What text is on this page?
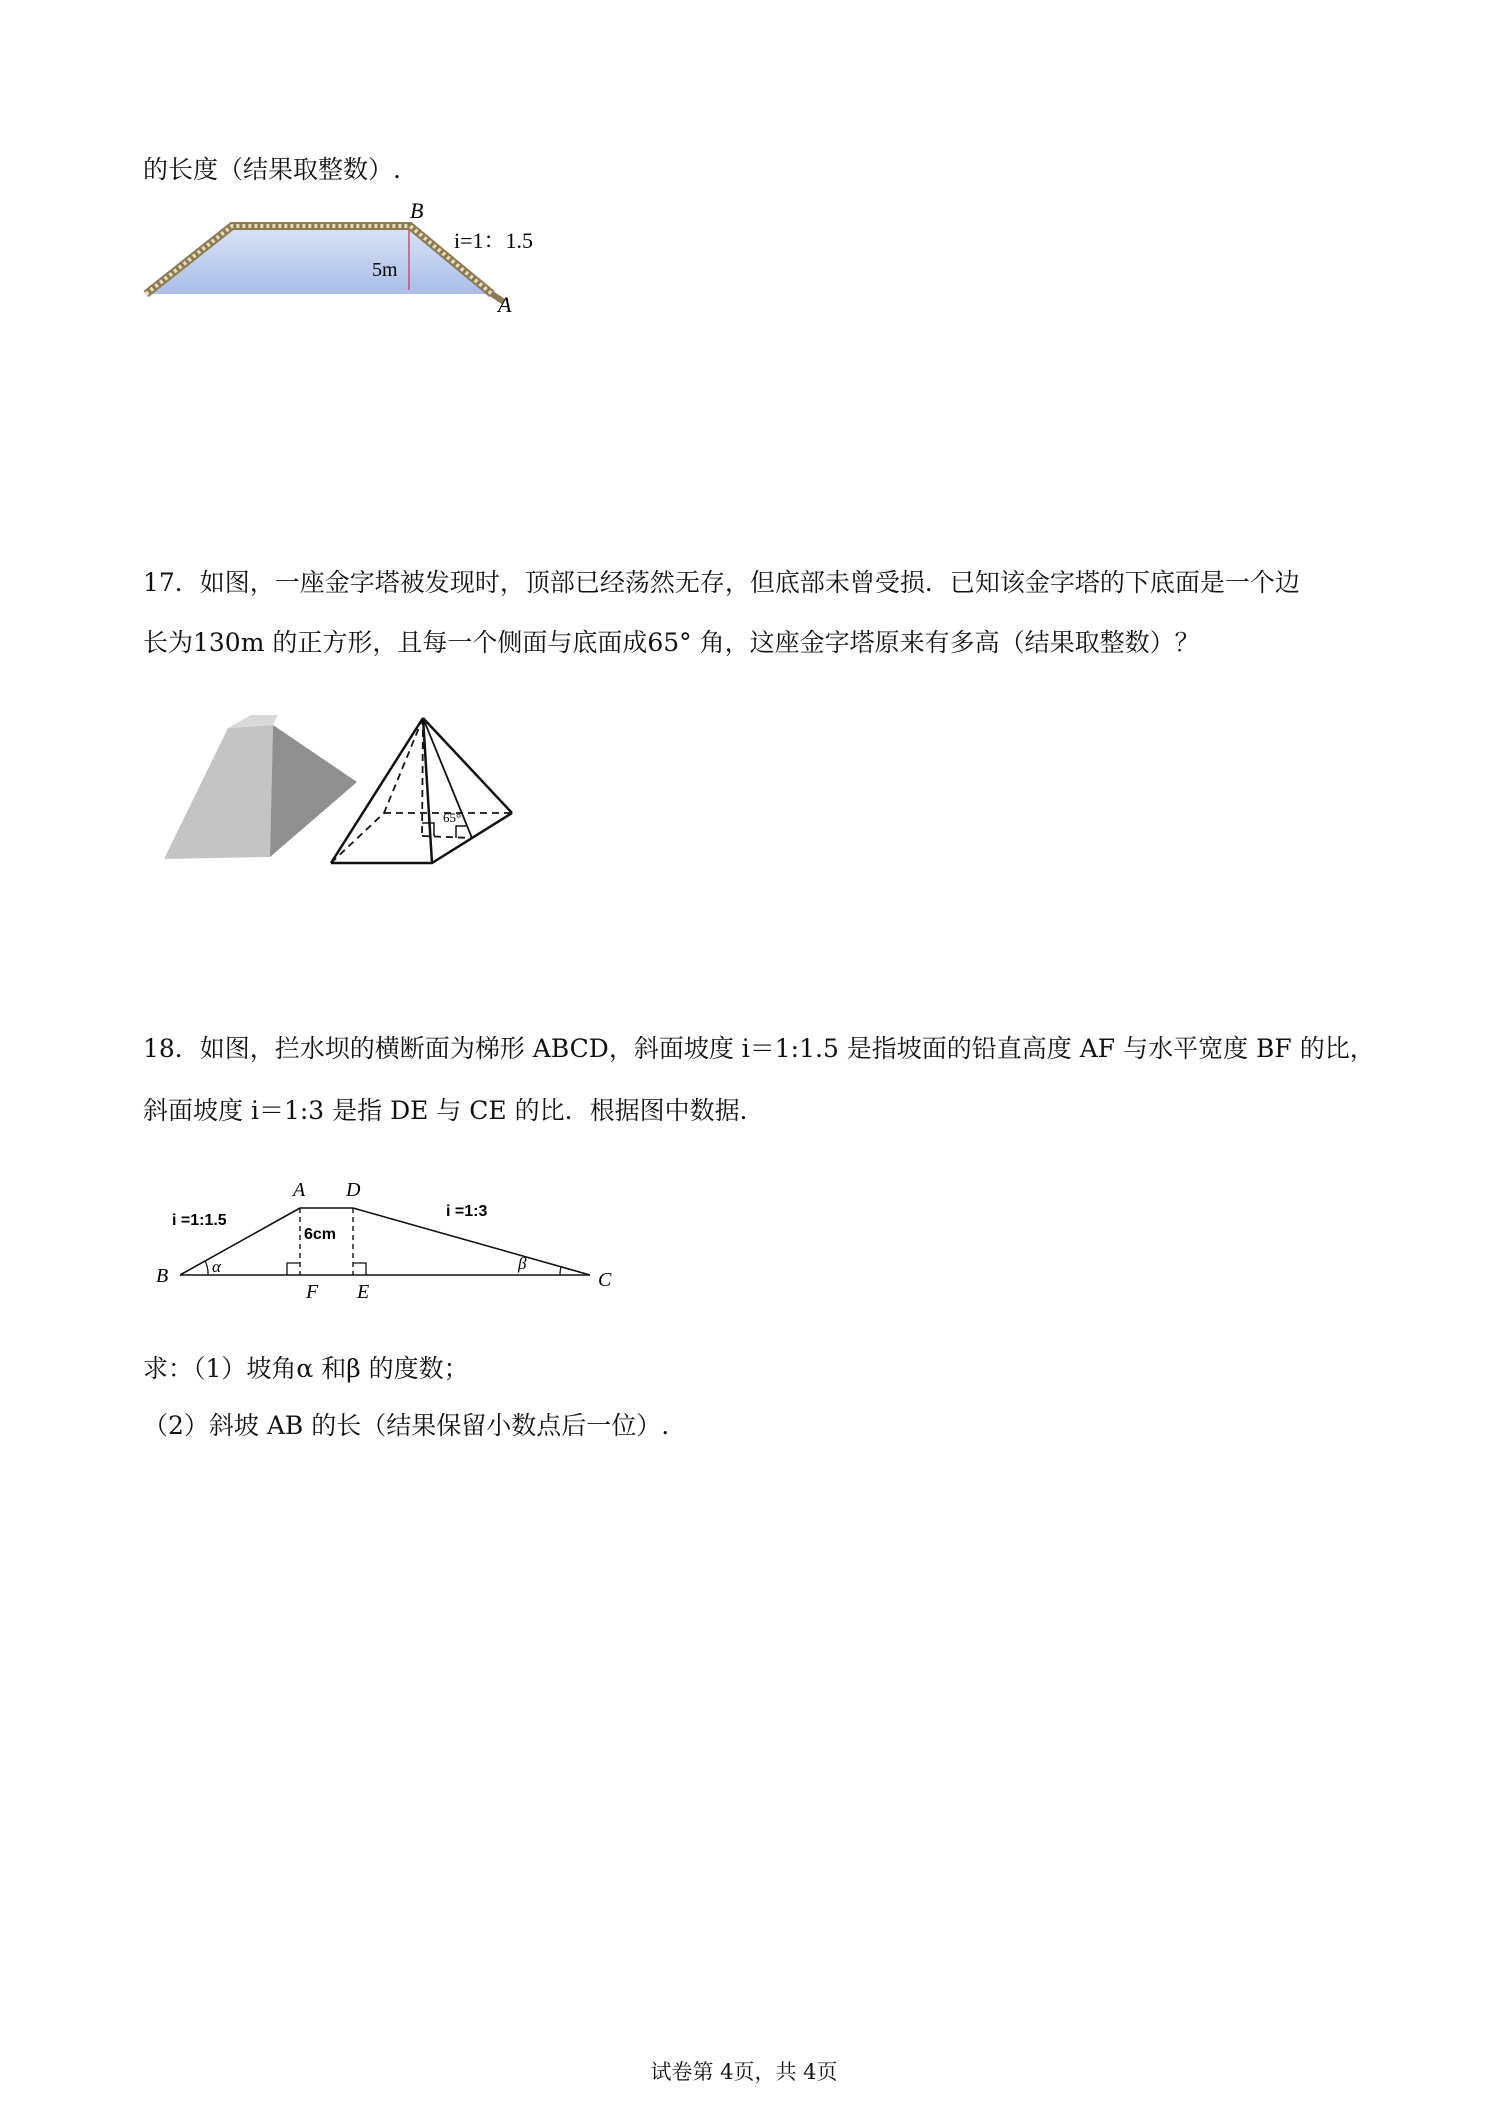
的长度（结果取整数）.
B
A
i=1：1.5
5m
17．如图，一座金字塔被发现时，顶部已经荡然无存，但底部未曾受损．已知该金字塔的下底面是一个边
长为130m 的正方形，且每一个侧面与底面成65° 角，这座金字塔原来有多高（结果取整数）？
65°
18．如图，拦水坝的横断面为梯形 ABCD，斜面坡度 i＝1:1.5 是指坡面的铅直高度 AF 与水平宽度 BF 的比，
斜面坡度 i＝1:3 是指 DE 与 CE 的比．根据图中数据．
A D
B	C
F E
i =1:1.5
i =1:3
6cm
α	β
求：（1）坡角α 和β 的度数；
（2）斜坡 AB 的长（结果保留小数点后一位）.
试卷第 4页，共 4页
